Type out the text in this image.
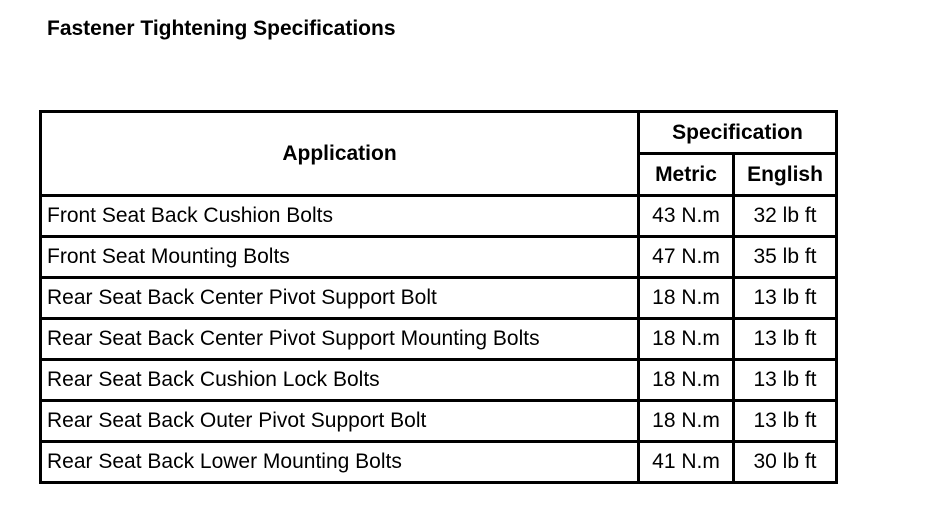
Fastener Tightening Specifications
Application
Specification
Metric	English
Front Seat Back Cushion Bolts	43 N.m	32 lb ft
Front Seat Mounting Bolts	47 N.m	35 lb ft
Rear Seat Back Center Pivot Support Bolt	18 N.m	13 lb ft
Rear Seat Back Center Pivot Support Mounting Bolts	18 N.m	13 lb ft
Rear Seat Back Cushion Lock Bolts	18 N.m	13 lb ft
Rear Seat Back Outer Pivot Support Bolt	18 N.m	13 lb ft
Rear Seat Back Lower Mounting Bolts	41 N.m	30 lb ft
